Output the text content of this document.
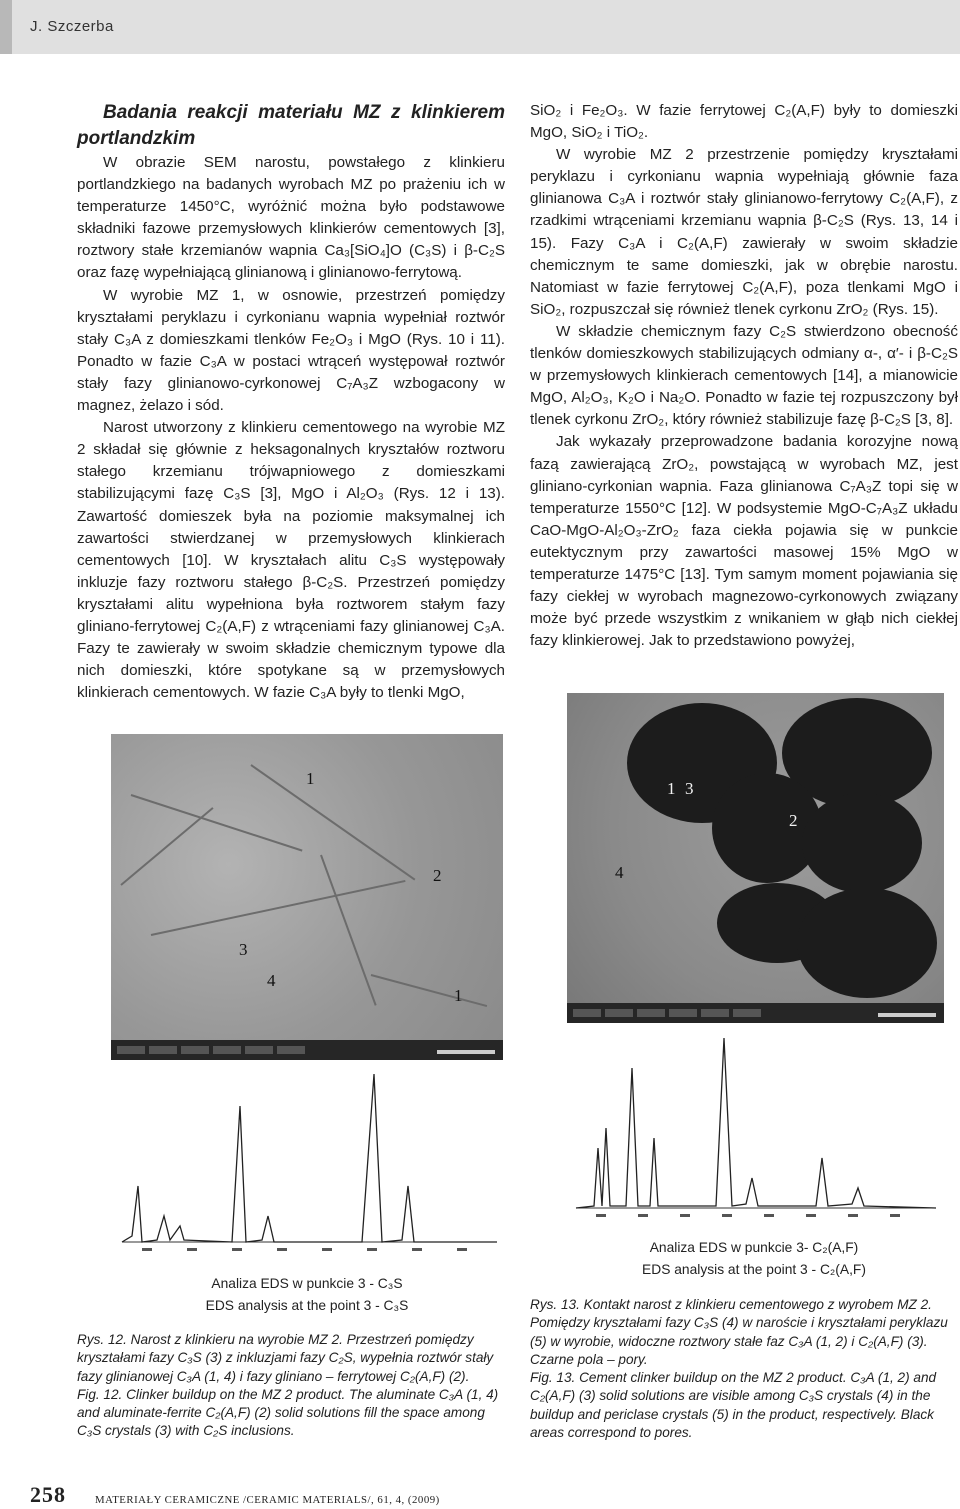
J. Szczerba

Badania reakcji materiału MZ z klinkierem portlandzkim

W obrazie SEM narostu, powstałego z klinkieru portlandzkiego na badanych wyrobach MZ po prażeniu ich w temperaturze 1450°C, wyróżnić można było podstawowe składniki fazowe przemysłowych klinkierów cementowych [3], roztwory stałe krzemianów wapnia Ca₃[SiO₄]O (C₃S) i β-C₂S oraz fazę wypełniającą glinianową i glinianowo-ferrytową.

W wyrobie MZ 1, w osnowie, przestrzeń pomiędzy kryształami peryklazu i cyrkonianu wapnia wypełniał roztwór stały C₃A z domieszkami tlenków Fe₂O₃ i MgO (Rys. 10 i 11). Ponadto w fazie C₃A w postaci wtrąceń występował roztwór stały fazy glinianowo-cyrkonowej C₇A₃Z wzbogacony w magnez, żelazo i sód.

Narost utworzony z klinkieru cementowego na wyrobie MZ 2 składał się głównie z heksagonalnych kryształów roztworu stałego krzemianu trójwapniowego z domieszkami stabilizującymi fazę C₃S [3], MgO i Al₂O₃ (Rys. 12 i 13). Zawartość domieszek była na poziomie maksymalnej ich zawartości stwierdzanej w przemysłowych klinkierach cementowych [10]. W kryształach alitu C₃S występowały inkluzje fazy roztworu stałego β-C₂S. Przestrzeń pomiędzy kryształami alitu wypełniona była roztworem stałym fazy gliniano-ferrytowej C₂(A,F) z wtrąceniami fazy glinianowej C₃A. Fazy te zawierały w swoim składzie chemicznym typowe dla nich domieszki, które spotykane są w przemysłowych klinkierach cementowych. W fazie C₃A były to tlenki MgO,

SiO₂ i Fe₂O₃. W fazie ferrytowej C₂(A,F) były to domieszki MgO, SiO₂ i TiO₂.

W wyrobie MZ 2 przestrzenie pomiędzy kryształami peryklazu i cyrkonianu wapnia wypełniają głównie faza glinianowa C₃A i roztwór stały glinianowo-ferrytowy C₂(A,F), z rzadkimi wtrąceniami krzemianu wapnia β-C₂S (Rys. 13, 14 i 15). Fazy C₃A i C₂(A,F) zawierały w swoim składzie chemicznym te same domieszki, jak w obrębie narostu. Natomiast w fazie ferrytowej C₂(A,F), poza tlenkami MgO i SiO₂, rozpuszczał się również tlenek cyrkonu ZrO₂ (Rys. 15).

W składzie chemicznym fazy C₂S stwierdzono obecność tlenków domieszkowych stabilizujących odmiany α-, α′- i β-C₂S w przemysłowych klinkierach cementowych [14], a mianowicie MgO, Al₂O₃, K₂O i Na₂O. Ponadto w fazie tej rozpuszczony był tlenek cyrkonu ZrO₂, który również stabilizuje fazę β-C₂S [3, 8].

Jak wykazały przeprowadzone badania korozyjne nową fazą zawierającą ZrO₂, powstającą w wyrobach MZ, jest gliniano-cyrkonian wapnia. Faza glinianowa C₇A₃Z topi się w temperaturze 1550°C [12]. W podsystemie MgO-C₇A₃Z układu CaO-MgO-Al₂O₃-ZrO₂ faza ciekła pojawia się w punkcie eutektycznym przy zawartości masowej 15% MgO w temperaturze 1475°C [13]. Tym samym moment pojawiania się fazy ciekłej w wyrobach magnezowo-cyrkonowych związany może być przede wszystkim z wnikaniem w głąb nich ciekłej fazy klinkierowej. Jak to przedstawiono powyżej,

1
2
3
4
1
1 3
2
4
Analiza EDS w punkcie 3 - C₃S
EDS analysis at the point 3 - C₃S
Analiza EDS w punkcie 3- C₂(A,F)
EDS analysis at the point 3 - C₂(A,F)

Rys. 12. Narost z klinkieru na wyrobie MZ 2. Przestrzeń pomiędzy kryształami fazy C₃S (3) z inkluzjami fazy C₂S, wypełnia roztwór stały fazy glinianowej C₃A (1, 4) i fazy gliniano – ferrytowej C₂(A,F) (2).

Fig. 12. Clinker buildup on the MZ 2 product. The aluminate C₃A (1, 4) and aluminate-ferrite C₂(A,F) (2) solid solutions fill the space among C₃S crystals (3) with C₂S inclusions.

Rys. 13. Kontakt narost z klinkieru cementowego z wyrobem MZ 2. Pomiędzy kryształami fazy C₃S (4) w naroście i kryształami peryklazu (5) w wyrobie, widoczne roztwory stałe faz C₃A (1, 2) i C₂(A,F) (3). Czarne pola – pory.

Fig. 13. Cement clinker buildup on the MZ 2 product. C₃A (1, 2) and C₂(A,F) (3) solid solutions are visible among C₃S crystals (4) in the buildup and periclase crystals (5) in the product, respectively. Black areas correspond to pores.

258	MATERIAŁY CERAMICZNE /CERAMIC MATERIALS/, 61, 4, (2009)
